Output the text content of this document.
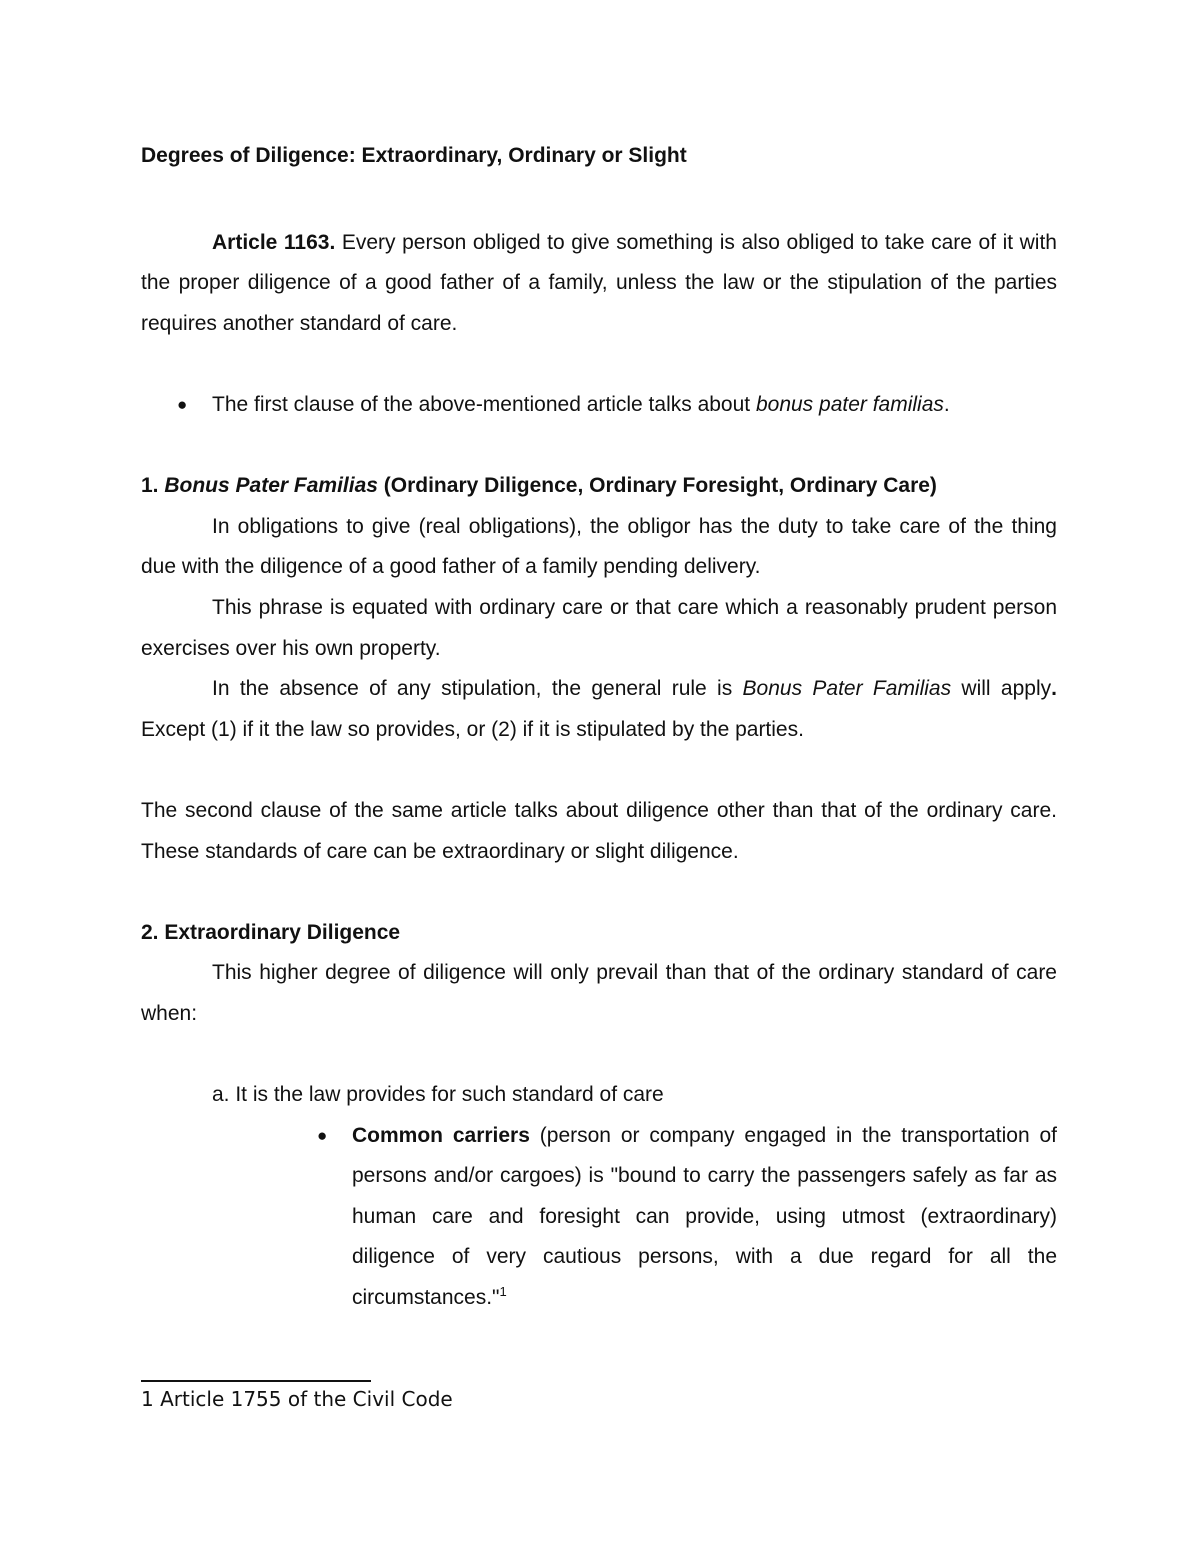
Degrees of Diligence: Extraordinary, Ordinary or Slight

Article 1163. Every person obliged to give something is also obliged to take care of it with the proper diligence of a good father of a family, unless the law or the stipulation of the parties requires another standard of care.

● The first clause of the above-mentioned article talks about bonus pater familias.

1. Bonus Pater Familias (Ordinary Diligence, Ordinary Foresight, Ordinary Care)

In obligations to give (real obligations), the obligor has the duty to take care of the thing due with the diligence of a good father of a family pending delivery.

This phrase is equated with ordinary care or that care which a reasonably prudent person exercises over his own property.

In the absence of any stipulation, the general rule is Bonus Pater Familias will apply. Except (1) if it the law so provides, or (2) if it is stipulated by the parties.

The second clause of the same article talks about diligence other than that of the ordinary care. These standards of care can be extraordinary or slight diligence.

2. Extraordinary Diligence

This higher degree of diligence will only prevail than that of the ordinary standard of care when:

a. It is the law provides for such standard of care

● Common carriers (person or company engaged in the transportation of persons and/or cargoes) is "bound to carry the passengers safely as far as human care and foresight can provide, using utmost (extraordinary) diligence of very cautious persons, with a due regard for all the circumstances."$^1$

1 Article 1755 of the Civil Code
